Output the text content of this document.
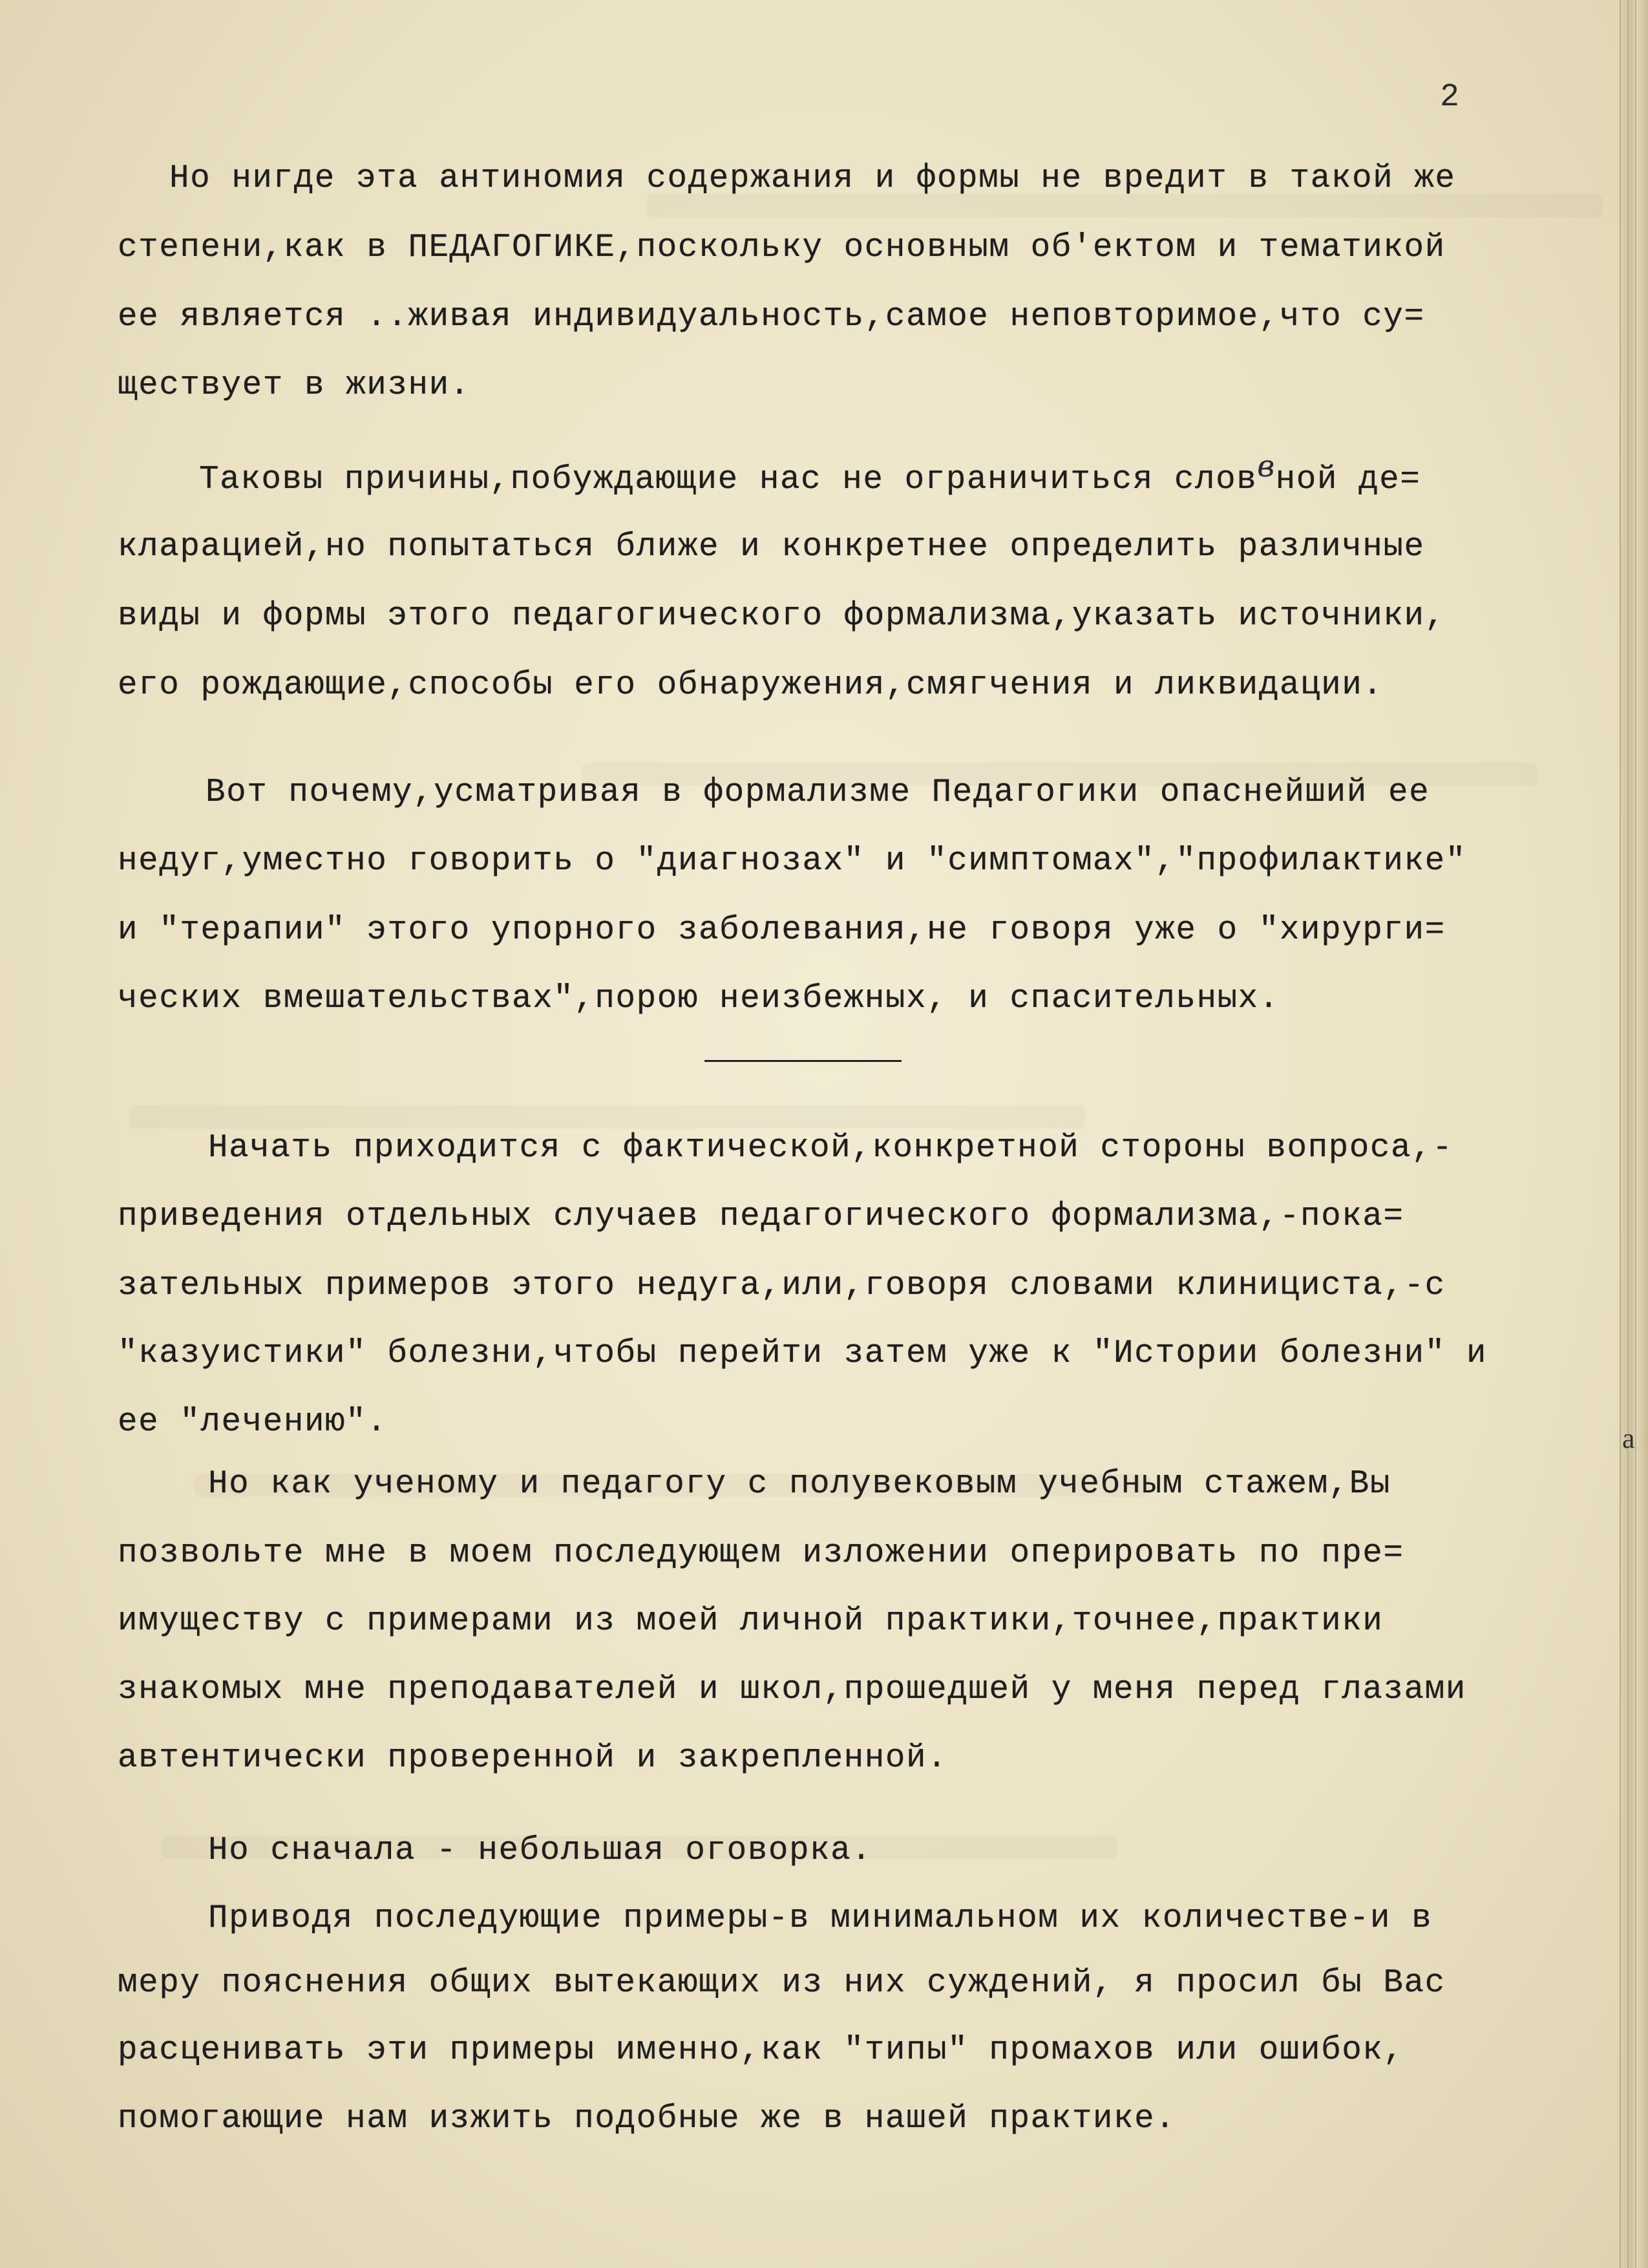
2
Но нигде эта антиномия содержания и формы не вредит в такой же
степени,как в ПЕДАГОГИКЕ,поскольку основным об'ектом и тематикой
ее является ..живая индивидуальность,самое неповторимое,что су=
ществует в жизни.
Таковы причины,побуждающие нас не ограничиться словвной де=
кларацией,но попытаться ближе и конкретнее определить различные
виды и формы этого педагогического формализма,указать источники,
его рождающие,способы его обнаружения,смягчения и ликвидации.
Вот почему,усматривая в формализме Педагогики опаснейший ее
недуг,уместно говорить о "диагнозах" и "симптомах","профилактике"
и "терапии" этого упорного заболевания,не говоря уже о "хирурги=
ческих вмешательствах",порою неизбежных, и спасительных.
Начать приходится с фактической,конкретной стороны вопроса,-
приведения отдельных случаев педагогического формализма,-пока=
зательных примеров этого недуга,или,говоря словами клинициста,-с
"казуистики" болезни,чтобы перейти затем уже к "Истории болезни" и
ее "лечению".
Но как ученому и педагогу с полувековым учебным стажем,Вы
позвольте мне в моем последующем изложении оперировать по пре=
имуществу с примерами из моей личной практики,точнее,практики
знакомых мне преподавателей и школ,прошедшей у меня перед глазами
автентически проверенной и закрепленной.
Но сначала - небольшая оговорка.
Приводя последующие примеры-в минимальном их количестве-и в
меру пояснения общих вытекающих из них суждений, я просил бы Вас
расценивать эти примеры именно,как "типы" промахов или ошибок,
помогающие нам изжить подобные же в нашей практике.
а
